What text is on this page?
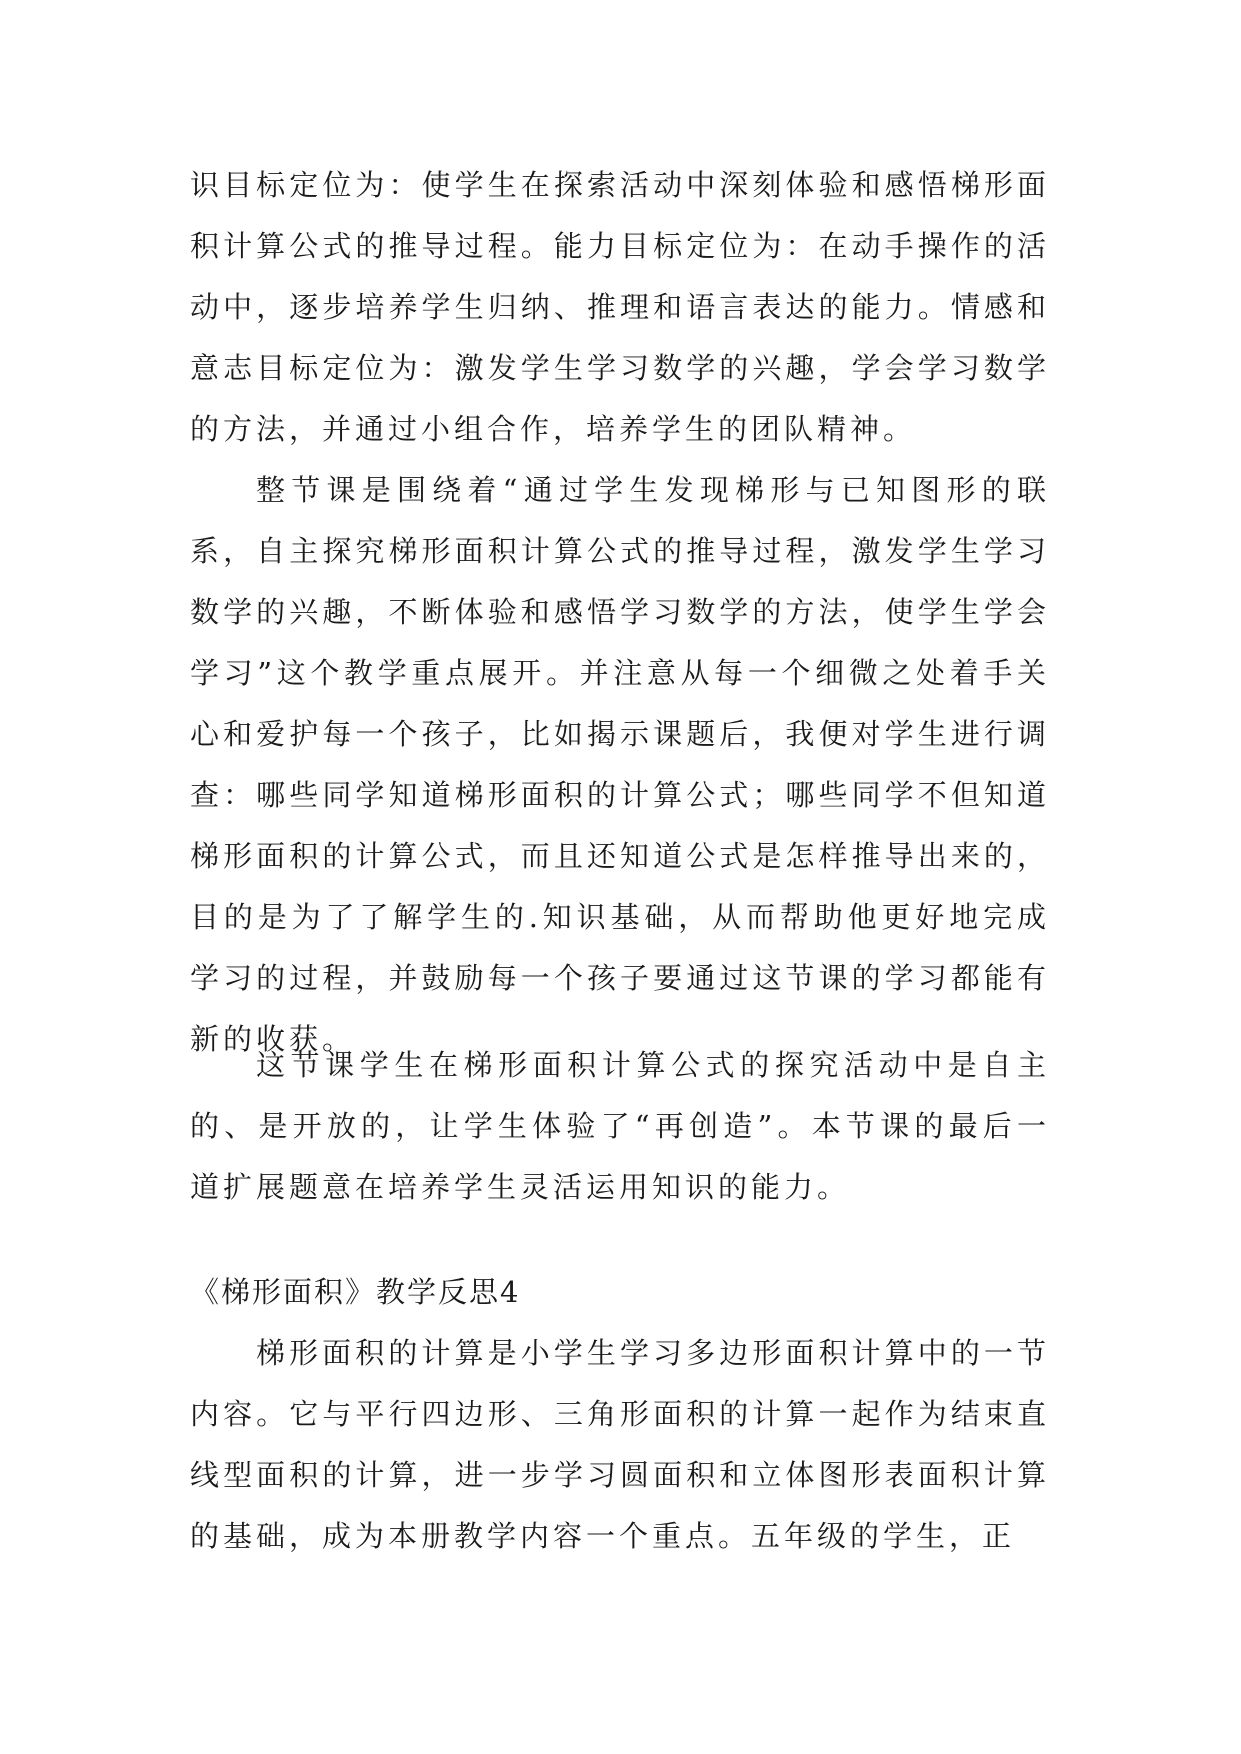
识目标定位为：使学生在探索活动中深刻体验和感悟梯形面积计算公式的推导过程。能力目标定位为：在动手操作的活动中，逐步培养学生归纳、推理和语言表达的能力。情感和意志目标定位为：激发学生学习数学的兴趣，学会学习数学的方法，并通过小组合作，培养学生的团队精神。

整节课是围绕着“通过学生发现梯形与已知图形的联系，自主探究梯形面积计算公式的推导过程，激发学生学习数学的兴趣，不断体验和感悟学习数学的方法，使学生学会学习”这个教学重点展开。并注意从每一个细微之处着手关心和爱护每一个孩子，比如揭示课题后，我便对学生进行调查：哪些同学知道梯形面积的计算公式；哪些同学不但知道梯形面积的计算公式，而且还知道公式是怎样推导出来的，目的是为了了解学生的.知识基础，从而帮助他更好地完成学习的过程，并鼓励每一个孩子要通过这节课的学习都能有新的收获。

这节课学生在梯形面积计算公式的探究活动中是自主的、是开放的，让学生体验了“再创造”。本节课的最后一道扩展题意在培养学生灵活运用知识的能力。

《梯形面积》教学反思4

梯形面积的计算是小学生学习多边形面积计算中的一节内容。它与平行四边形、三角形面积的计算一起作为结束直线型面积的计算，进一步学习圆面积和立体图形表面积计算的基础，成为本册教学内容一个重点。五年级的学生，正
